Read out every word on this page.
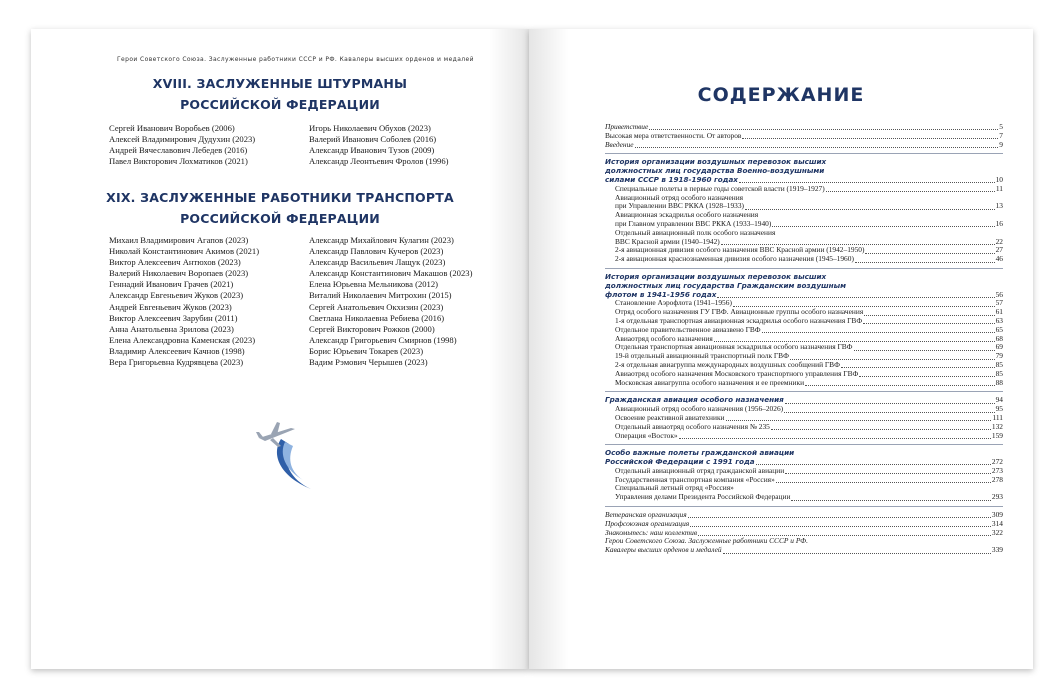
Герои Советского Союза. Заслуженные работники СССР и РФ. Кавалеры высших орденов и медалей
XVIII. ЗАСЛУЖЕННЫЕ ШТУРМАНЫ
РОССИЙСКОЙ ФЕДЕРАЦИИ
Сергей Иванович Воробьев (2006)
Алексей Владимирович Дудухин (2023)
Андрей Вячеславович Лебедев (2016)
Павел Викторович Лохматиков (2021)
Игорь Николаевич Обухов (2023)
Валерий Иванович Соболев (2016)
Александр Иванович Тузов (2009)
Александр Леонтьевич Фролов (1996)
XIX. ЗАСЛУЖЕННЫЕ РАБОТНИКИ ТРАНСПОРТА
РОССИЙСКОЙ ФЕДЕРАЦИИ
Михаил Владимирович Агапов (2023)
Николай Константинович Акимов (2021)
Виктор Алексеевич Антюхов (2023)
Валерий Николаевич Воропаев (2023)
Геннадий Иванович Грачев (2021)
Александр Евгеньевич Жуков (2023)
Андрей Евгеньевич Жуков (2023)
Виктор Алексеевич Зарубин (2011)
Анна Анатольевна Зрилова (2023)
Елена Александровна Каменская (2023)
Владимир Алексеевич Качнов (1998)
Вера Григорьевна Кудрявцева (2023)
Александр Михайлович Кулагин (2023)
Александр Павлович Кучеров (2023)
Александр Васильевич Лащук (2023)
Александр Константинович Макашов (2023)
Елена Юрьевна Мельникова (2012)
Виталий Николаевич Митрохин (2015)
Сергей Анатольевич Окхизин (2023)
Светлана Николаевна Ребиева (2016)
Сергей Викторович Рожков (2000)
Александр Григорьевич Смирнов (1998)
Борис Юрьевич Токарев (2023)
Вадим Рэмович Черышев (2023)
СОДЕРЖАНИЕ
Приветствие	5
Высокая мера ответственности. От авторов	7
Введение	9
История организации воздушных перевозок высших
должностных лиц государства Военно-воздушными
силами СССР в 1918-1960 годах	10
Специальные полеты в первые годы советской власти (1919–1927)	11
Авиационный отряд особого назначения
при Управлении ВВС РККА (1928–1933)	13
Авиационная эскадрилья особого назначения
при Главном управлении ВВС РККА (1933–1940)	16
Отдельный авиационный полк особого назначения
ВВС Красной армии (1940–1942)	22
2-я авиационная дивизия особого назначения ВВС Красной армии (1942–1950)	27
2-я авиационная краснознаменная дивизия особого назначения (1945–1960)	46
История организации воздушных перевозок высших
должностных лиц государства Гражданским воздушным
флотом в 1941-1956 годах	56
Становление Аэрофлота (1941–1956)	57
Отряд особого назначения ГУ ГВФ. Авиационные группы особого назначения	61
1-я отдельная транспортная авиационная эскадрилья особого назначения ГВФ	63
Отдельное правительственное авиазвено ГВФ	65
Авиаотряд особого назначения	68
Отдельная транспортная авиационная эскадрилья особого назначения ГВФ	69
19-й отдельный авиационный транспортный полк ГВФ	79
2-я отдельная авиагруппа международных воздушных сообщений ГВФ	85
Авиаотряд особого назначения Московского транспортного управления ГВФ	85
Московская авиагруппа особого назначения и ее преемники	88
Гражданская авиация особого назначения	94
Авиационный отряд особого назначения (1956–2026)	95
Освоение реактивной авиатехники	111
Отдельный авиаотряд особого назначения № 235	132
Операция «Восток»	159
Особо важные полеты гражданской авиации
Российской Федерации с 1991 года	272
Отдельный авиационный отряд гражданской авиации	273
Государственная транспортная компания «Россия»	278
Специальный летный отряд «Россия»
Управления делами Президента Российской Федерации	293
Ветеранская организация	309
Профсоюзная организация	314
Знакомьтесь: наш коллектив	322
Герои Советского Союза. Заслуженные работники СССР и РФ.
Кавалеры высших орденов и медалей	339
